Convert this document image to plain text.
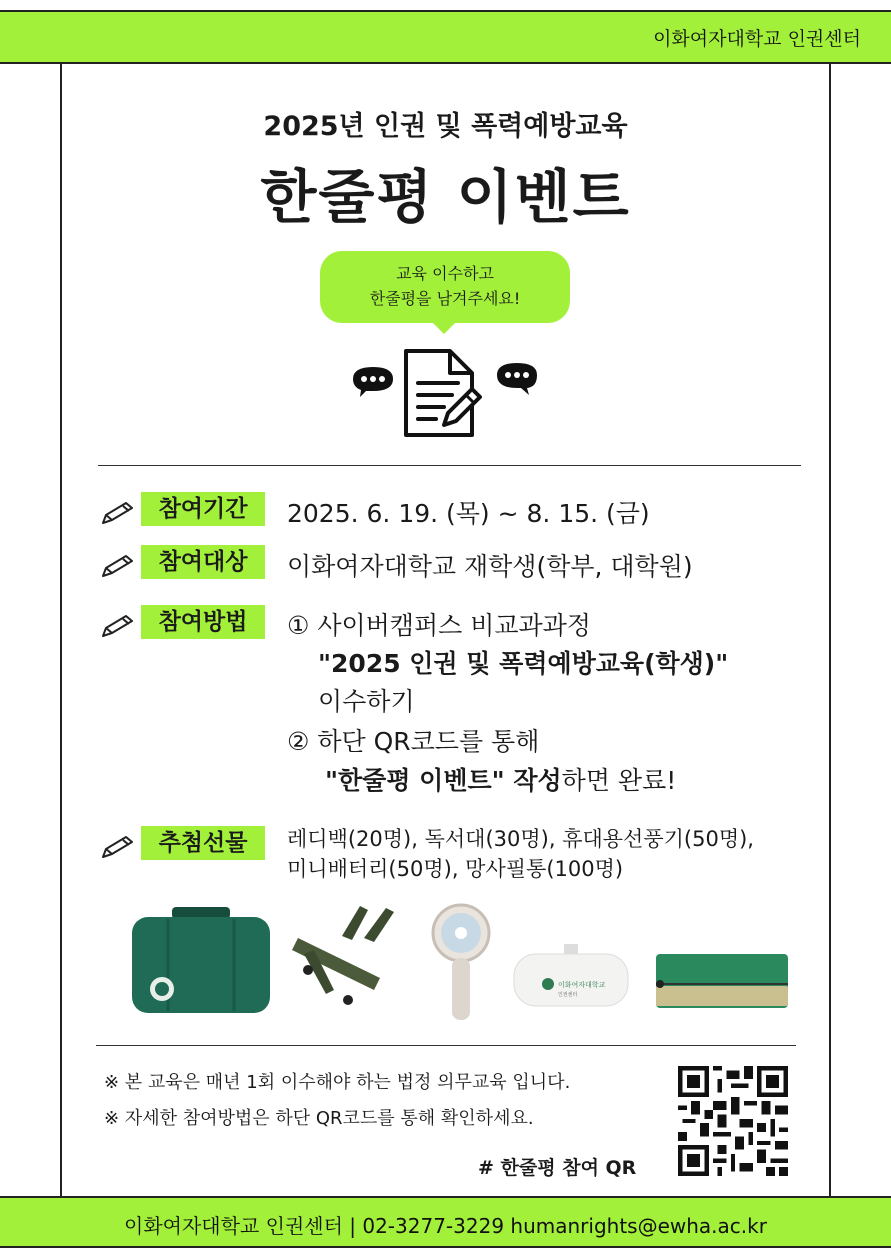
이화여자대학교 인권센터
2025년 인권 및 폭력예방교육
한줄평 이벤트
교육 이수하고
한줄평을 남겨주세요!
참여기간	2025. 6. 19. (목) ~ 8. 15. (금)
참여대상	이화여자대학교 재학생(학부, 대학원)
참여방법	① 사이버캠퍼스 비교과과정
"2025 인권 및 폭력예방교육(학생)"
이수하기
② 하단 QR코드를 통해
"한줄평 이벤트" 작성하면 완료!
추첨선물	레디백(20명), 독서대(30명), 휴대용선풍기(50명),
미니배터리(50명), 망사필통(100명)
이화여자대학교
인권센터
※ 본 교육은 매년 1회 이수해야 하는 법정 의무교육 입니다.
※ 자세한 참여방법은 하단 QR코드를 통해 확인하세요.
# 한줄평 참여 QR
이화여자대학교 인권센터 | 02-3277-3229 humanrights@ewha.ac.kr
